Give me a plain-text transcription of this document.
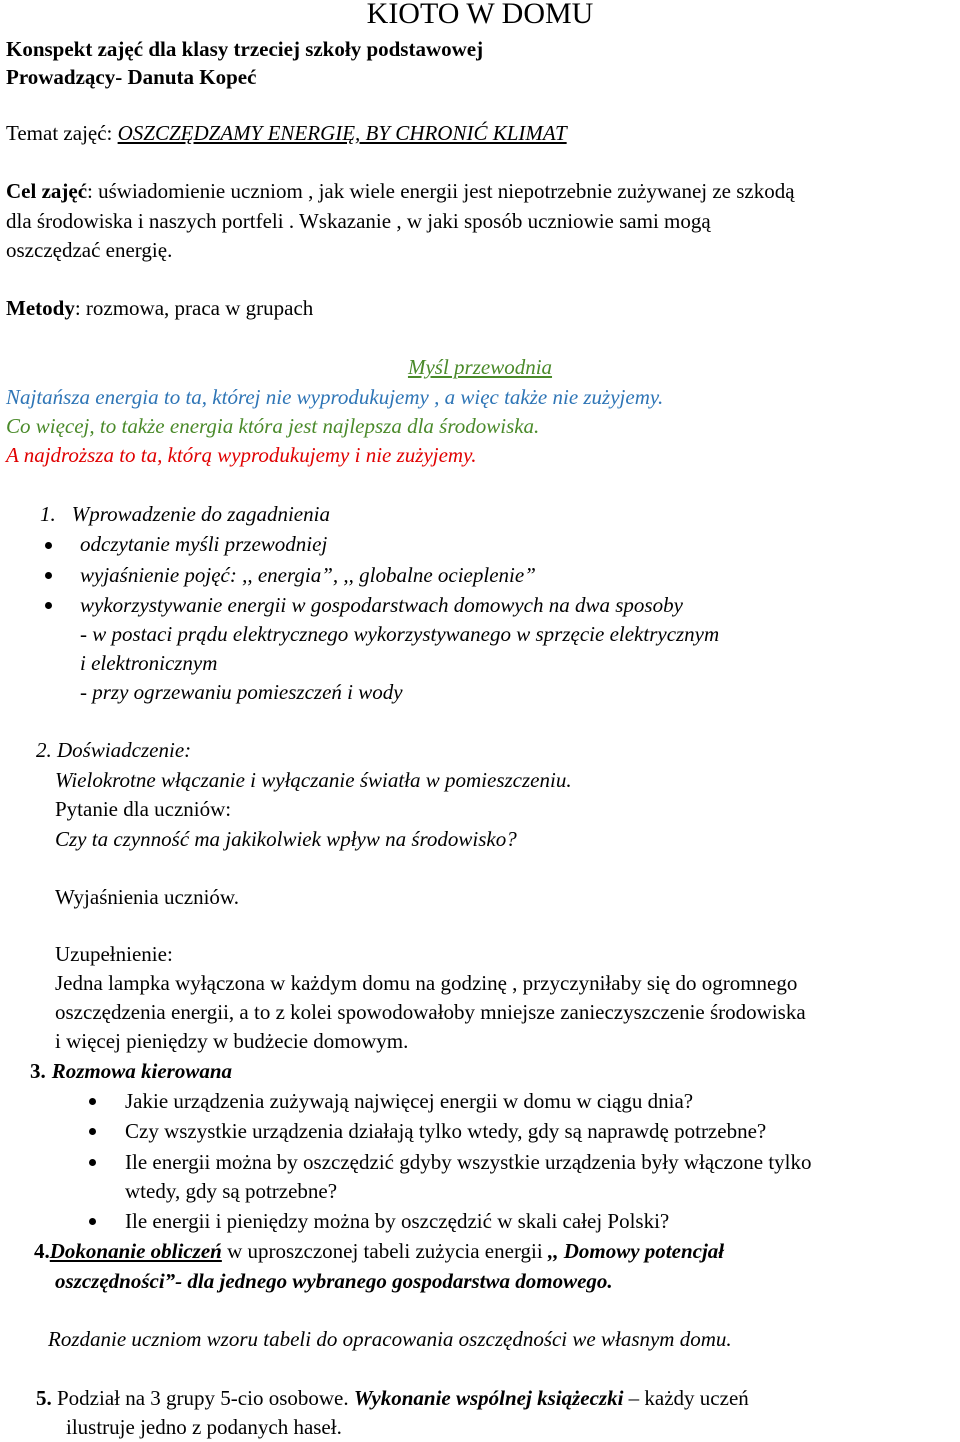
KIOTO W DOMU
Konspekt zajęć dla klasy trzeciej szkoły podstawowej
Prowadzący- Danuta Kopeć
Temat zajęć: OSZCZĘDZAMY ENERGIĘ, BY CHRONIĆ KLIMAT
Cel zajęć: uświadomienie uczniom , jak wiele energii jest niepotrzebnie zużywanej ze szkodą
dla środowiska i naszych portfeli . Wskazanie , w jaki sposób uczniowie sami mogą
oszczędzać energię.
Metody: rozmowa, praca w grupach
Myśl przewodnia
Najtańsza energia to ta, której nie wyprodukujemy , a więc także nie zużyjemy.
Co więcej, to także energia która jest najlepsza dla środowiska.
A najdroższa to ta, którą wyprodukujemy i nie zużyjemy.
1. Wprowadzenie do zagadnienia
odczytanie myśli przewodniej
wyjaśnienie pojęć: ,, energia”, ,, globalne ocieplenie”
wykorzystywanie energii w gospodarstwach domowych na dwa sposoby
- w postaci prądu elektrycznego wykorzystywanego w sprzęcie elektrycznym
i elektronicznym
- przy ogrzewaniu pomieszczeń i wody
2. Doświadczenie:
Wielokrotne włączanie i wyłączanie światła w pomieszczeniu.
Pytanie dla uczniów:
Czy ta czynność ma jakikolwiek wpływ na środowisko?
Wyjaśnienia uczniów.
Uzupełnienie:
Jedna lampka wyłączona w każdym domu na godzinę , przyczyniłaby się do ogromnego
oszczędzenia energii, a to z kolei spowodowałoby mniejsze zanieczyszczenie środowiska
i więcej pieniędzy w budżecie domowym.
3. Rozmowa kierowana
Jakie urządzenia zużywają najwięcej energii w domu w ciągu dnia?
Czy wszystkie urządzenia działają tylko wtedy, gdy są naprawdę potrzebne?
Ile energii można by oszczędzić gdyby wszystkie urządzenia były włączone tylko
wtedy, gdy są potrzebne?
Ile energii i pieniędzy można by oszczędzić w skali całej Polski?
4.Dokonanie obliczeń w uproszczonej tabeli zużycia energii ,, Domowy potencjał
oszczędności”- dla jednego wybranego gospodarstwa domowego.
Rozdanie uczniom wzoru tabeli do opracowania oszczędności we własnym domu.
5. Podział na 3 grupy 5-cio osobowe. Wykonanie wspólnej książeczki – każdy uczeń
ilustruje jedno z podanych haseł.
